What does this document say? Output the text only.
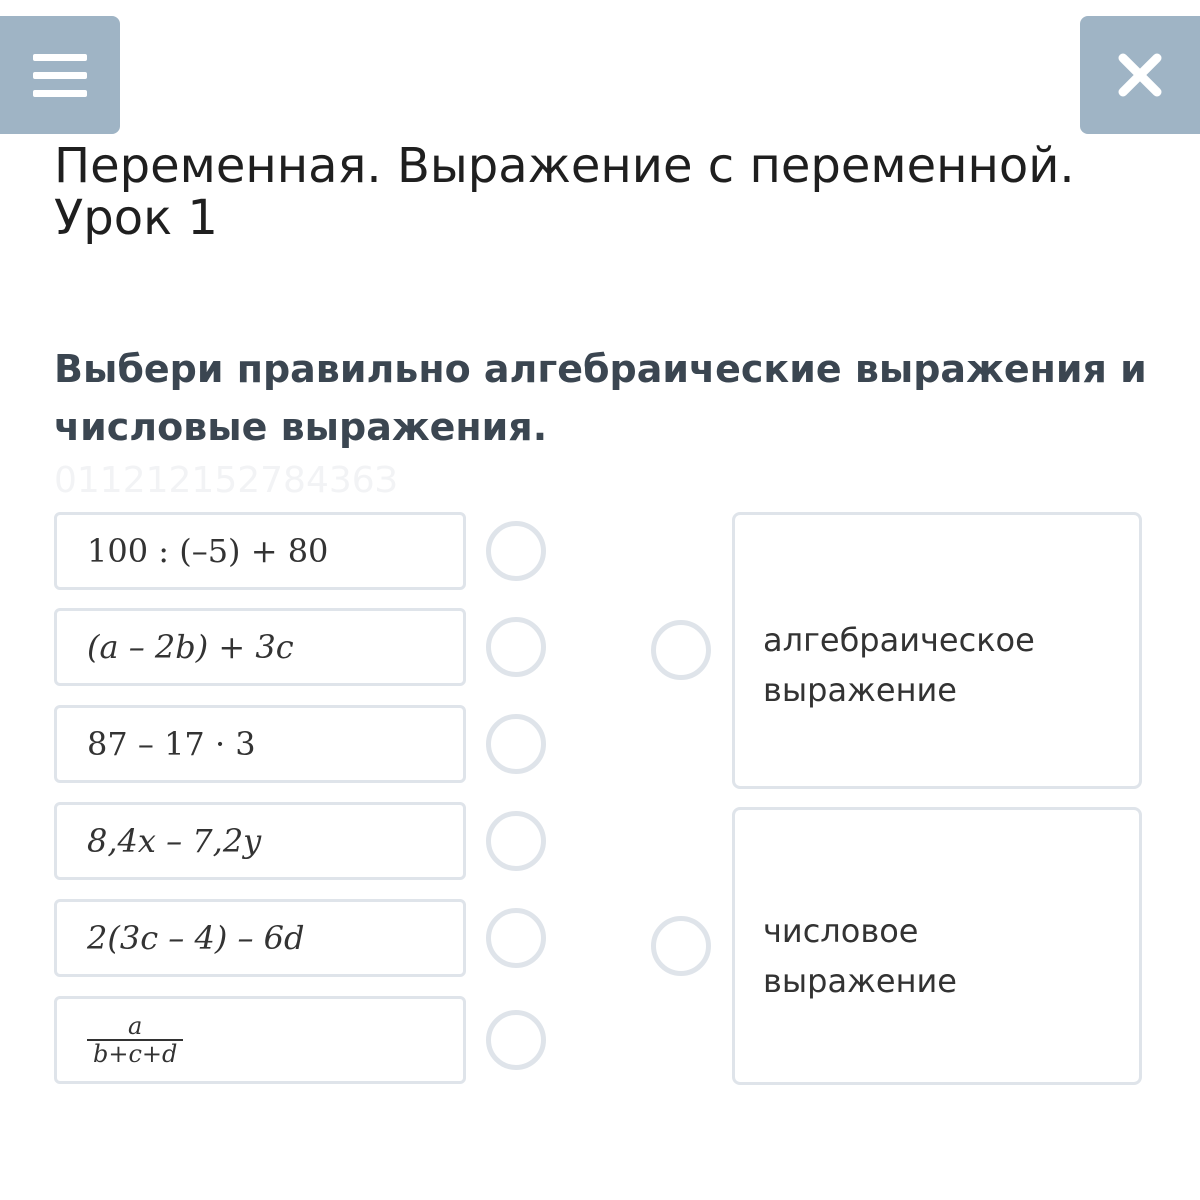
Переменная. Выражение с переменной. Урок 1
Выбери правильно алгебраические выражения и числовые выражения.
01121215278436З
100 : (–5) + 80
(a – 2b) + 3c
87 – 17 · 3
8,4x – 7,2y
2(3c – 4) – 6d
$\frac{a}{b+c+d}$
алгебраическое выражение
числовое выражение
